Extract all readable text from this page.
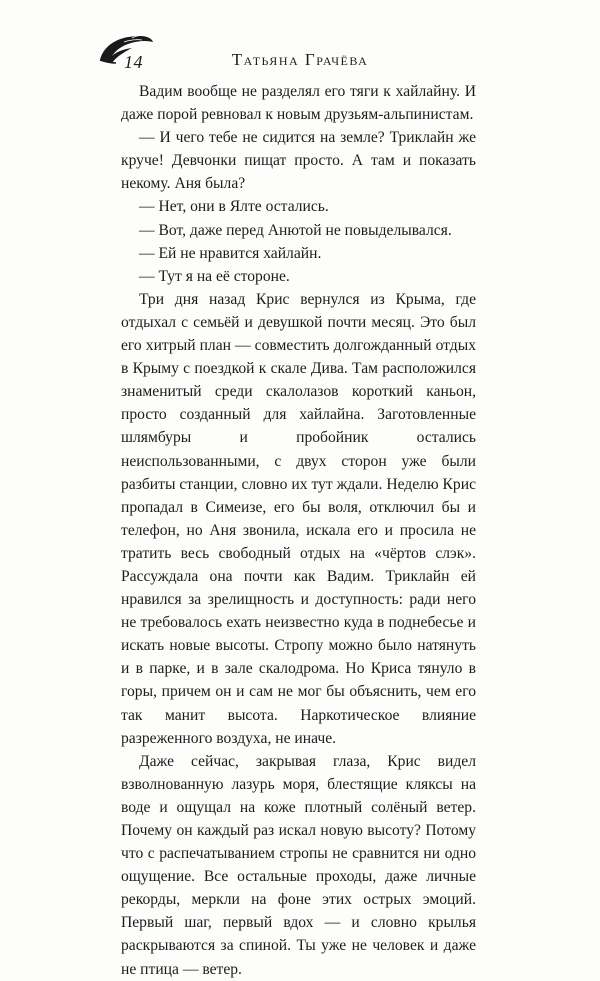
14	Татьяна Грачёва

Вадим вообще не разделял его тяги к хайлайну. И даже порой ревновал к новым друзьям-альпинистам.

— И чего тебе не сидится на земле? Триклайн же круче! Девчонки пищат просто. А там и показать некому. Аня была?

— Нет, они в Ялте остались.

— Вот, даже перед Анютой не повыделывался.

— Ей не нравится хайлайн.

— Тут я на её стороне.

Три дня назад Крис вернулся из Крыма, где отдыхал с семьёй и девушкой почти месяц. Это был его хитрый план — совместить долгожданный отдых в Крыму с поездкой к скале Дива. Там расположился знаменитый среди скалолазов короткий каньон, просто созданный для хайлайна. Заготовленные шлямбуры и пробойник остались неиспользованными, с двух сторон уже были разбиты станции, словно их тут ждали. Неделю Крис пропадал в Симеизе, его бы воля, отключил бы и телефон, но Аня звонила, искала его и просила не тратить весь свободный отдых на «чёртов слэк». Рассуждала она почти как Вадим. Триклайн ей нравился за зрелищность и доступность: ради него не требовалось ехать неизвестно куда в поднебесье и искать новые высоты. Стропу можно было натянуть и в парке, и в зале скалодрома. Но Криса тянуло в горы, причем он и сам не мог бы объяснить, чем его так манит высота. Наркотическое влияние разреженного воздуха, не иначе.

Даже сейчас, закрывая глаза, Крис видел взволнованную лазурь моря, блестящие кляксы на воде и ощущал на коже плотный солёный ветер. Почему он каждый раз искал новую высоту? Потому что с распечатыванием стропы не сравнится ни одно ощущение. Все остальные проходы, даже личные рекорды, меркли на фоне этих острых эмоций. Первый шаг, первый вдох — и словно крылья раскрываются за спиной. Ты уже не человек и даже не птица — ветер.
